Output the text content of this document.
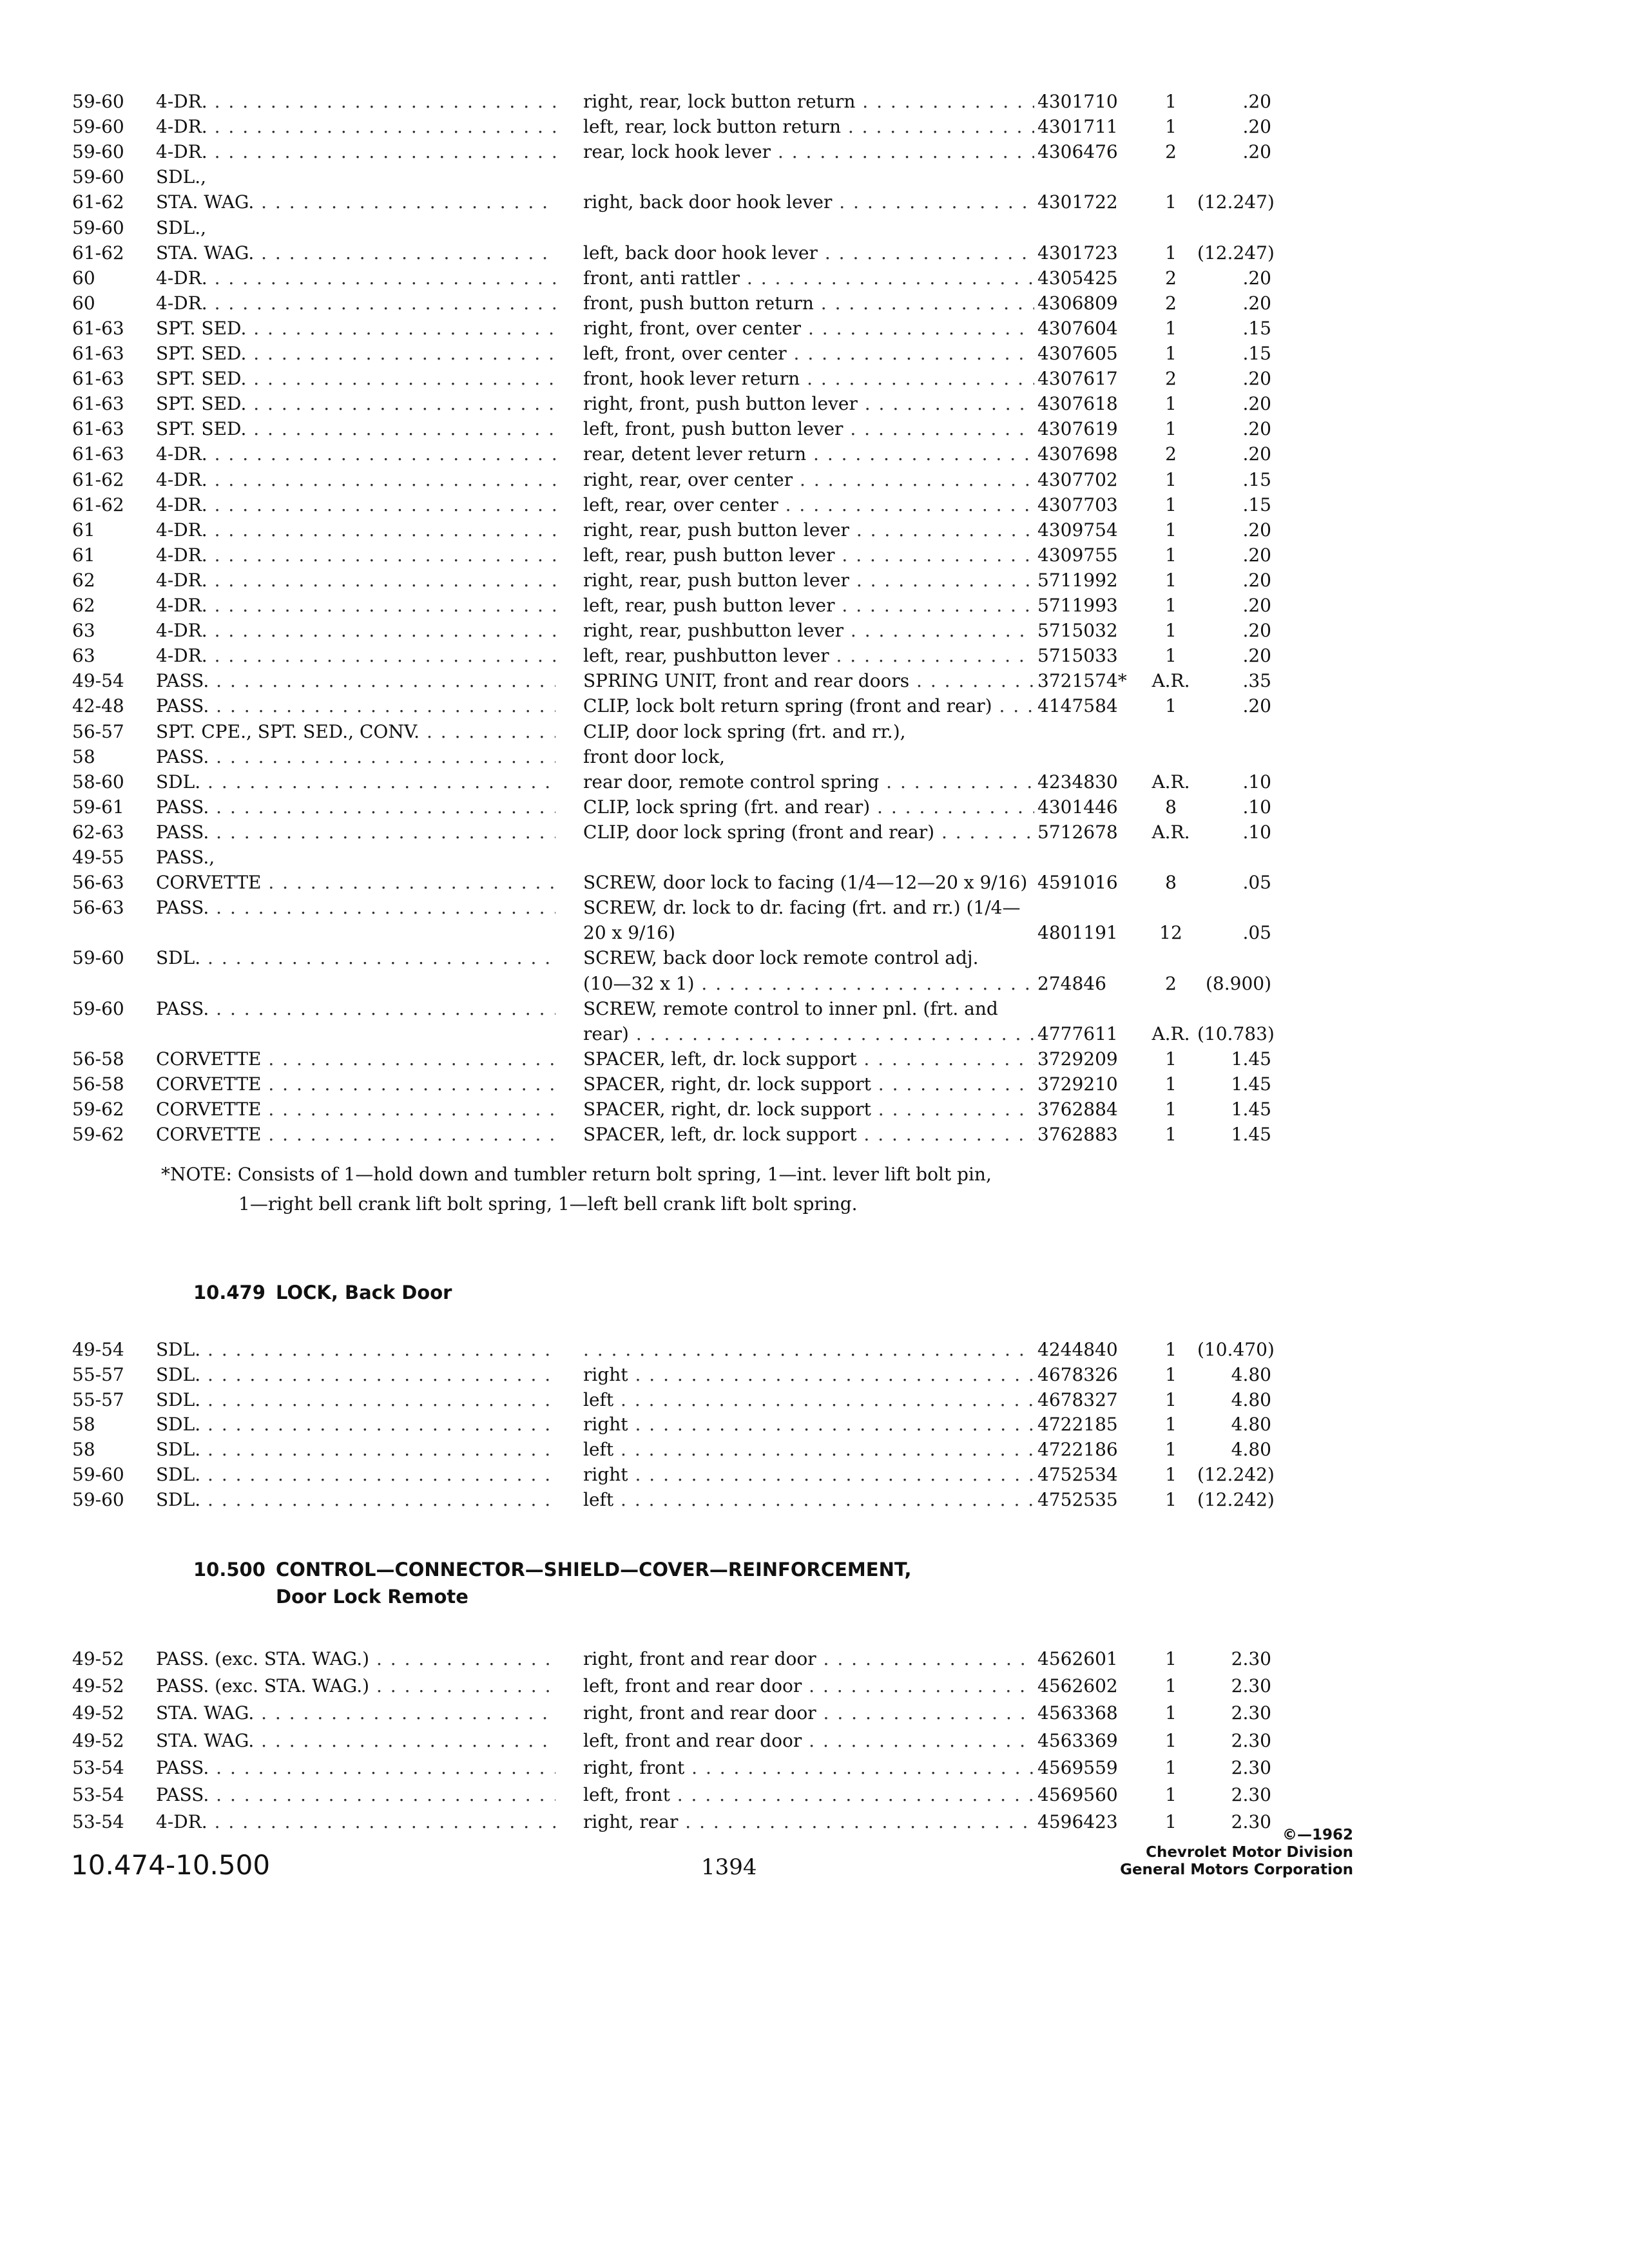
59-60	4-DR. . . .	right, rear, lock button return . . .	4301710	1	.20
59-60	4-DR. . . .	left, rear, lock button return . . .	4301711	1	.20
59-60	4-DR. . . .	rear, lock hook lever . . .	4306476	2	.20
59-60	SDL.,
61-62	STA. WAG. . . .	right, back door hook lever . . .	4301722	1	(12.247)
59-60	SDL.,
61-62	STA. WAG. . . .	left, back door hook lever . . .	4301723	1	(12.247)
60	4-DR. . . .	front, anti rattler . . .	4305425	2	.20
60	4-DR. . . .	front, push button return . . .	4306809	2	.20
61-63	SPT. SED. . . .	right, front, over center . . .	4307604	1	.15
61-63	SPT. SED. . . .	left, front, over center . . .	4307605	1	.15
61-63	SPT. SED. . . .	front, hook lever return . . .	4307617	2	.20
61-63	SPT. SED. . . .	right, front, push button lever . . .	4307618	1	.20
61-63	SPT. SED. . . .	left, front, push button lever . . .	4307619	1	.20
61-63	4-DR. . . .	rear, detent lever return . . .	4307698	2	.20
61-62	4-DR. . . .	right, rear, over center . . .	4307702	1	.15
61-62	4-DR. . . .	left, rear, over center . . .	4307703	1	.15
61	4-DR. . . .	right, rear, push button lever . . .	4309754	1	.20
61	4-DR. . . .	left, rear, push button lever . . .	4309755	1	.20
62	4-DR. . . .	right, rear, push button lever . . .	5711992	1	.20
62	4-DR. . . .	left, rear, push button lever . . .	5711993	1	.20
63	4-DR. . . .	right, rear, pushbutton lever . . .	5715032	1	.20
63	4-DR. . . .	left, rear, pushbutton lever . . .	5715033	1	.20
49-54	PASS. . . .	SPRING UNIT, front and rear doors . . .	3721574*	A.R.	.35
42-48	PASS. . . .	CLIP, lock bolt return spring (front and rear) . . .	4147584	1	.20
56-57	SPT. CPE., SPT. SED., CONV. . . .	CLIP, door lock spring (frt. and rr.),
58	PASS. . . .	front door lock,
58-60	SDL. . . .	rear door, remote control spring . . .	4234830	A.R.	.10
59-61	PASS. . . .	CLIP, lock spring (frt. and rear) . . .	4301446	8	.10
62-63	PASS. . . .	CLIP, door lock spring (front and rear) . . .	5712678	A.R.	.10
49-55	PASS.,
56-63	CORVETTE . . .	SCREW, door lock to facing (1/4—12—20 x 9/16) 4591016	8	.05
56-63	PASS. . . .	SCREW, dr. lock to dr. facing (frt. and rr.) (1/4—
20 x 9/16)	4801191	12	.05
59-60	SDL. . . .	SCREW, back door lock remote control adj.
(10—32 x 1) . . .	274846	2	(8.900)
59-60	PASS. . . .	SCREW, remote control to inner pnl. (frt. and
rear) . . .	4777611	A.R. (10.783)
56-58	CORVETTE . . .	SPACER, left, dr. lock support . . .	3729209	1	1.45
56-58	CORVETTE . . .	SPACER, right, dr. lock support . . .	3729210	1	1.45
59-62	CORVETTE . . .	SPACER, right, dr. lock support . . .	3762884	1	1.45
59-62	CORVETTE . . .	SPACER, left, dr. lock support . . .	3762883	1	1.45
*NOTE: Consists of 1—hold down and tumbler return bolt spring, 1—int. lever lift bolt pin,
1—right bell crank lift bolt spring, 1—left bell crank lift bolt spring.
49-54	SDL. . . .
. . .	4244840	1	(10.470)
55-57	SDL. . . .	right . . .	4678326	1	4.80
55-57	SDL. . . .	left . . .	4678327	1	4.80
58	SDL. . . .	right . . .	4722185	1	4.80
58	SDL. . . .	left . . .	4722186	1	4.80
59-60	SDL. . . .	right . . .	4752534	1	(12.242)
59-60	SDL. . . .	left . . .	4752535	1	(12.242)
49-52	PASS. (exc. STA. WAG.) . . .	right, front and rear door . . .	4562601	1	2.30
49-52	PASS. (exc. STA. WAG.) . . .	left, front and rear door . . .	4562602	1	2.30
49-52	STA. WAG. . . .	right, front and rear door . . .	4563368	1	2.30
49-52	STA. WAG. . . .	left, front and rear door . . .	4563369	1	2.30
53-54	PASS. . . .	right, front . . .	4569559	1	2.30
53-54	PASS. . . .	left, front . . .	4569560	1	2.30
53-54	4-DR. . . .	right, rear . . .	4596423	1	2.30
10.474-10.500	1394
©—1962
Chevrolet Motor Division
General Motors Corporation
10.479 LOCK, Back Door
10.500 CONTROL—CONNECTOR—SHIELD—COVER—REINFORCEMENT,
Door Lock Remote
